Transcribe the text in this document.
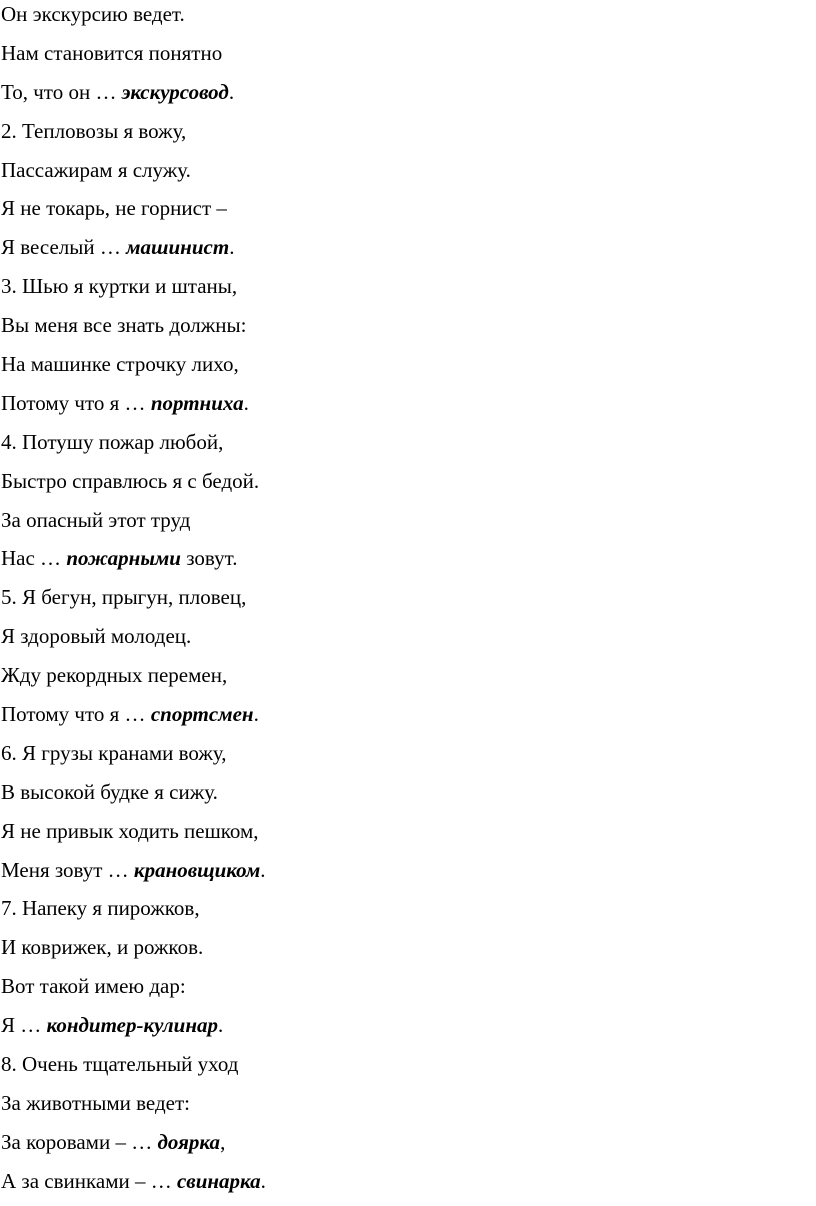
Он экскурсию ведет.
Нам становится понятно
То, что он … экскурсовод.
2. Тепловозы я вожу,
Пассажирам я служу.
Я не токарь, не горнист –
Я веселый … машинист.
3. Шью я куртки и штаны,
Вы меня все знать должны:
На машинке строчку лихо,
Потому что я … портниха.
4. Потушу пожар любой,
Быстро справлюсь я с бедой.
За опасный этот труд
Нас … пожарными зовут.
5. Я бегун, прыгун, пловец,
Я здоровый молодец.
Жду рекордных перемен,
Потому что я … спортсмен.
6. Я грузы кранами вожу,
В высокой будке я сижу.
Я не привык ходить пешком,
Меня зовут … крановщиком.
7. Напеку я пирожков,
И коврижек, и рожков.
Вот такой имею дар:
Я … кондитер-кулинар.
8. Очень тщательный уход
За животными ведет:
За коровами – … доярка,
А за свинками – … свинарка.
